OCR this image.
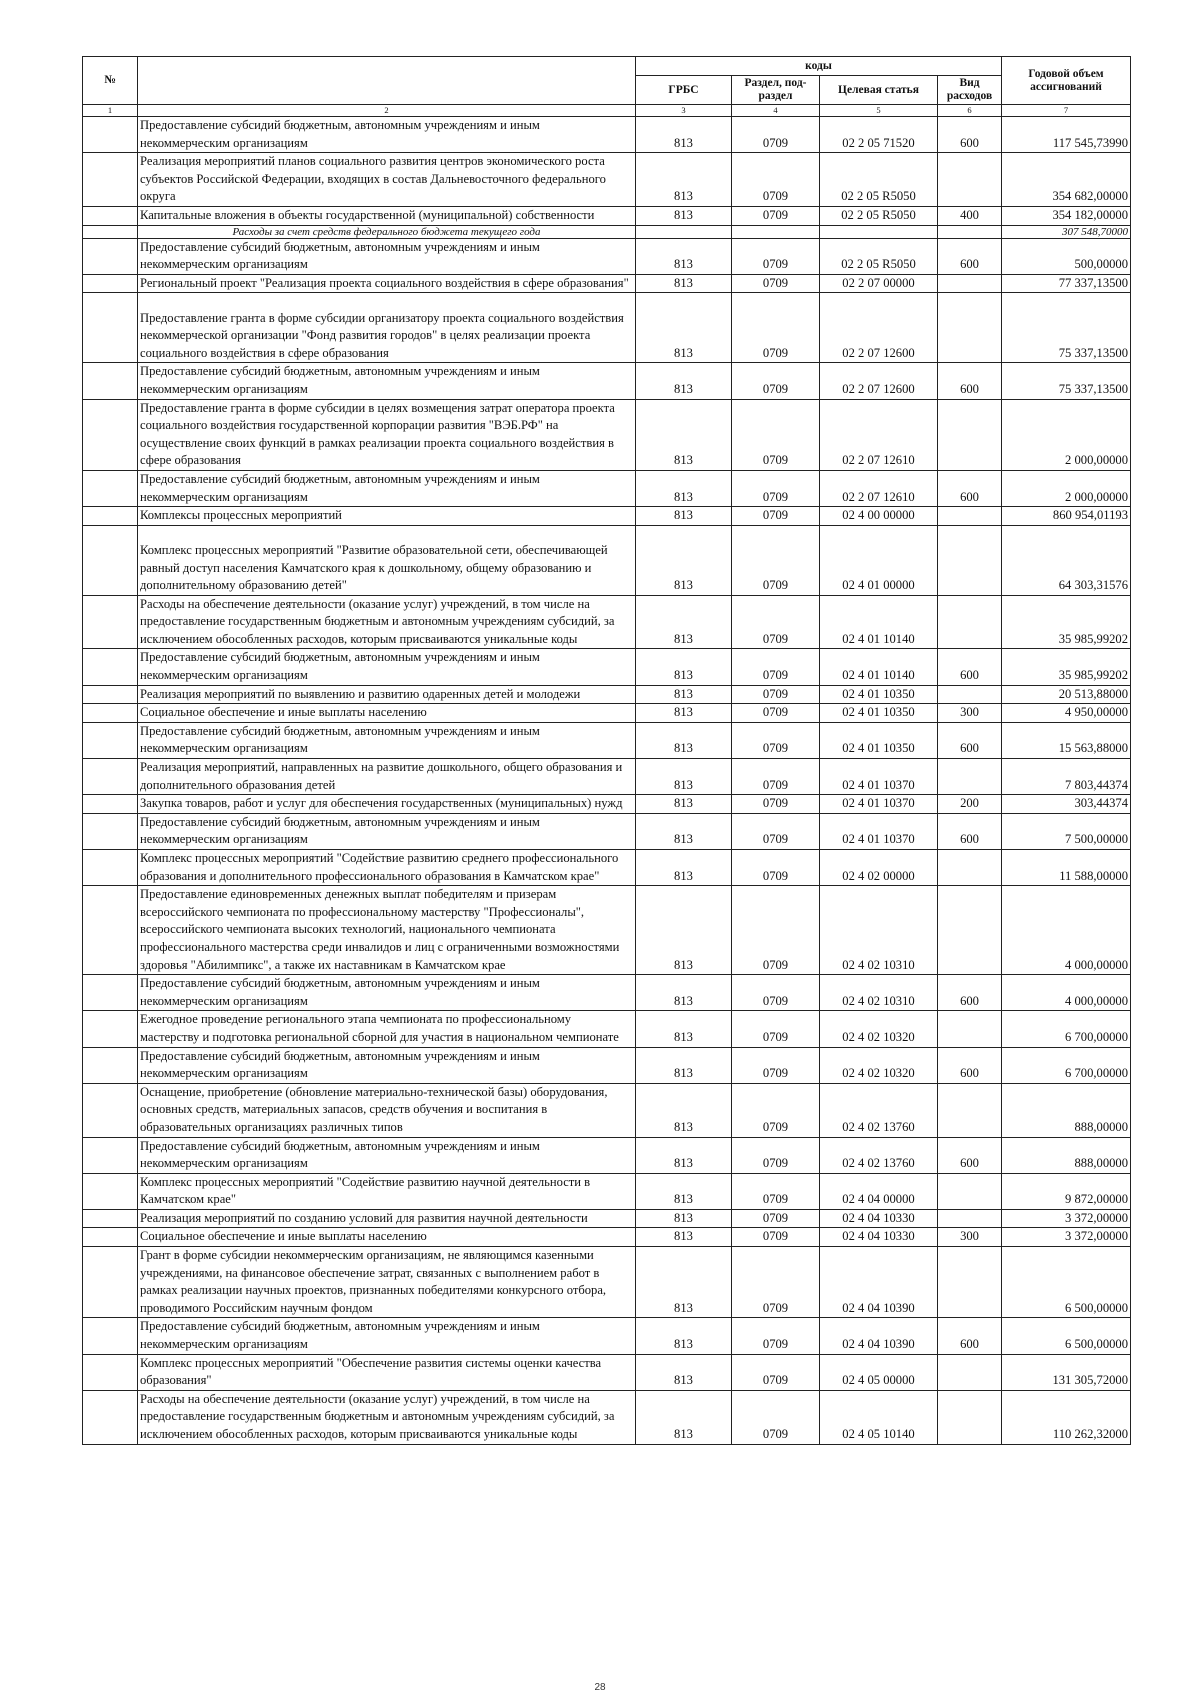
№		коды				Годовой объем ассигнований
		ГРБС	Раздел, под-раздел	Целевая статья	Вид расходов	
1	2	3	4	5	6	7
	Предоставление субсидий бюджетным, автономным учреждениям и иным некоммерческим организациям	813	0709	02 2 05 71520	600	117 545,73990
	Реализация мероприятий планов социального развития центров экономического роста субъектов Российской Федерации, входящих в состав Дальневосточного федерального округа	813	0709	02 2 05 R5050		354 682,00000
	Капитальные вложения в объекты государственной (муниципальной) собственности	813	0709	02 2 05 R5050	400	354 182,00000
	Расходы за счет средств федерального бюджета текущего года					307 548,70000
	Предоставление субсидий бюджетным, автономным учреждениям и иным некоммерческим организациям	813	0709	02 2 05 R5050	600	500,00000
	Региональный проект "Реализация проекта социального воздействия в сфере образования"	813	0709	02 2 07 00000		77 337,13500
	Предоставление гранта в форме субсидии организатору проекта социального воздействия некоммерческой организации "Фонд развития городов" в целях реализации проекта социального воздействия в сфере образования	813	0709	02 2 07 12600		75 337,13500
	Предоставление субсидий бюджетным, автономным учреждениям и иным некоммерческим организациям	813	0709	02 2 07 12600	600	75 337,13500
	Предоставление гранта в форме субсидии в целях возмещения затрат оператора проекта социального воздействия государственной корпорации развития "ВЭБ.РФ" на осуществление своих функций в рамках реализации проекта социального воздействия в сфере образования	813	0709	02 2 07 12610		2 000,00000
	Предоставление субсидий бюджетным, автономным учреждениям и иным некоммерческим организациям	813	0709	02 2 07 12610	600	2 000,00000
	Комплексы процессных мероприятий	813	0709	02 4 00 00000		860 954,01193
	Комплекс процессных мероприятий "Развитие образовательной сети, обеспечивающей равный доступ населения Камчатского края к дошкольному, общему образованию и дополнительному образованию детей"	813	0709	02 4 01 00000		64 303,31576
	Расходы на обеспечение деятельности (оказание услуг) учреждений, в том числе на предоставление государственным бюджетным и автономным учреждениям субсидий, за исключением обособленных расходов, которым присваиваются уникальные коды	813	0709	02 4 01 10140		35 985,99202
	Предоставление субсидий бюджетным, автономным учреждениям и иным некоммерческим организациям	813	0709	02 4 01 10140	600	35 985,99202
	Реализация мероприятий по выявлению и развитию одаренных детей и молодежи	813	0709	02 4 01 10350		20 513,88000
	Социальное обеспечение и иные выплаты населению	813	0709	02 4 01 10350	300	4 950,00000
	Предоставление субсидий бюджетным, автономным учреждениям и иным некоммерческим организациям	813	0709	02 4 01 10350	600	15 563,88000
	Реализация мероприятий, направленных на развитие дошкольного, общего образования и дополнительного образования детей	813	0709	02 4 01 10370		7 803,44374
	Закупка товаров, работ и услуг для обеспечения государственных (муниципальных) нужд	813	0709	02 4 01 10370	200	303,44374
	Предоставление субсидий бюджетным, автономным учреждениям и иным некоммерческим организациям	813	0709	02 4 01 10370	600	7 500,00000
	Комплекс процессных мероприятий "Содействие развитию среднего профессионального образования и дополнительного профессионального образования в Камчатском крае"	813	0709	02 4 02 00000		11 588,00000
	Предоставление единовременных денежных выплат победителям и призерам всероссийского чемпионата по профессиональному мастерству "Профессионалы", всероссийского чемпионата высоких технологий, национального чемпионата профессионального мастерства среди инвалидов и лиц с ограниченными возможностями здоровья "Абилимпикс", а также их наставникам в Камчатском крае	813	0709	02 4 02 10310		4 000,00000
	Предоставление субсидий бюджетным, автономным учреждениям и иным некоммерческим организациям	813	0709	02 4 02 10310	600	4 000,00000
	Ежегодное проведение регионального этапа чемпионата по профессиональному мастерству и подготовка региональной сборной для участия в национальном чемпионате	813	0709	02 4 02 10320		6 700,00000
	Предоставление субсидий бюджетным, автономным учреждениям и иным некоммерческим организациям	813	0709	02 4 02 10320	600	6 700,00000
	Оснащение, приобретение (обновление материально-технической базы) оборудования, основных средств, материальных запасов, средств обучения и воспитания в образовательных организациях различных типов	813	0709	02 4 02 13760		888,00000
	Предоставление субсидий бюджетным, автономным учреждениям и иным некоммерческим организациям	813	0709	02 4 02 13760	600	888,00000
	Комплекс процессных мероприятий "Содействие развитию научной деятельности в Камчатском крае"	813	0709	02 4 04 00000		9 872,00000
	Реализация мероприятий по созданию условий для развития научной деятельности	813	0709	02 4 04 10330		3 372,00000
	Социальное обеспечение и иные выплаты населению	813	0709	02 4 04 10330	300	3 372,00000
	Грант в форме субсидии некоммерческим организациям, не являющимся казенными учреждениями, на финансовое обеспечение затрат, связанных с выполнением работ в рамках реализации научных проектов, признанных победителями конкурсного отбора, проводимого Российским научным фондом	813	0709	02 4 04 10390		6 500,00000
	Предоставление субсидий бюджетным, автономным учреждениям и иным некоммерческим организациям	813	0709	02 4 04 10390	600	6 500,00000
	Комплекс процессных мероприятий "Обеспечение развития системы оценки качества образования"	813	0709	02 4 05 00000		131 305,72000
	Расходы на обеспечение деятельности (оказание услуг) учреждений, в том числе на предоставление государственным бюджетным и автономным учреждениям субсидий, за исключением обособленных расходов, которым присваиваются уникальные коды	813	0709	02 4 05 10140		110 262,32000
28
